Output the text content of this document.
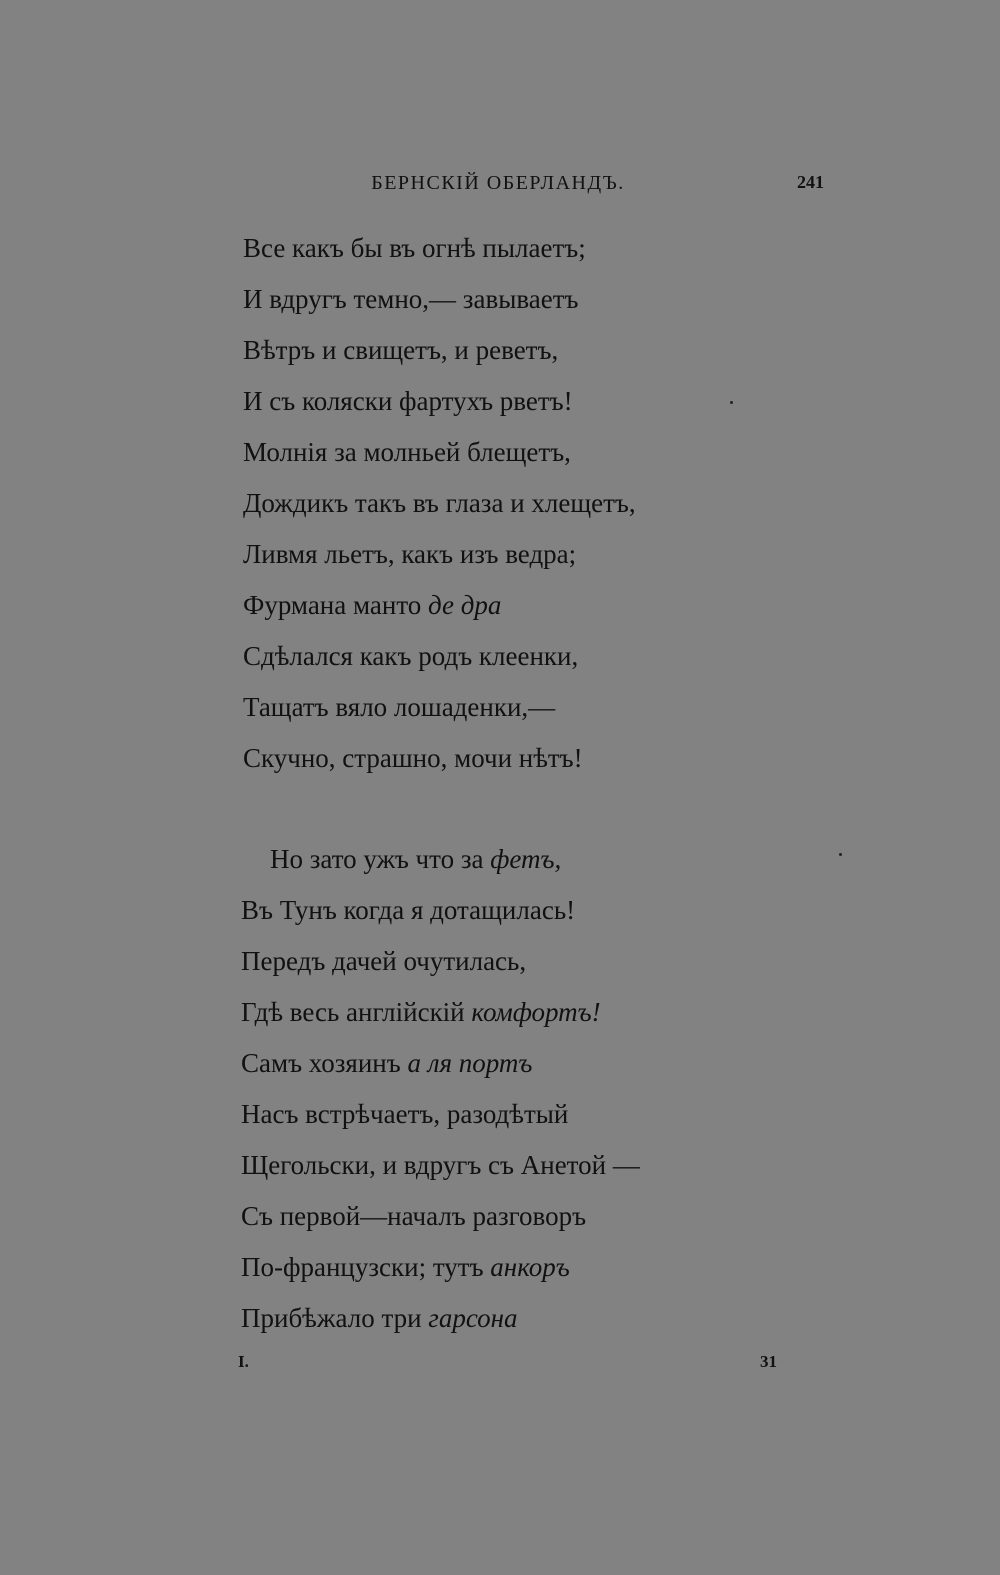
БЕРНСКІЙ ОБЕРЛАНДЪ.	241
Все какъ бы въ огнѣ пылаетъ;
И вдругъ темно,— завываетъ
Вѣтръ и свищетъ, и реветъ,
И съ коляски фартухъ рветъ!
Молнія за молньей блещетъ,
Дождикъ такъ въ глаза и хлещетъ,
Ливмя льетъ, какъ изъ ведра;
Фурмана манто де дра
Сдѣлался какъ родъ клеенки,
Тащатъ вяло лошаденки,—
Скучно, страшно, мочи нѣтъ!
Но зато ужъ что за фетъ,
Въ Тунъ когда я дотащилась!
Передъ дачей очутилась,
Гдѣ весь англійскій комфортъ!
Самъ хозяинъ а ля портъ
Насъ встрѣчаетъ, разодѣтый
Щегольски, и вдругъ съ Анетой —
Съ первой—началъ разговоръ
По-французски; тутъ анкоръ
Прибѣжало три гарсона
I.	31
